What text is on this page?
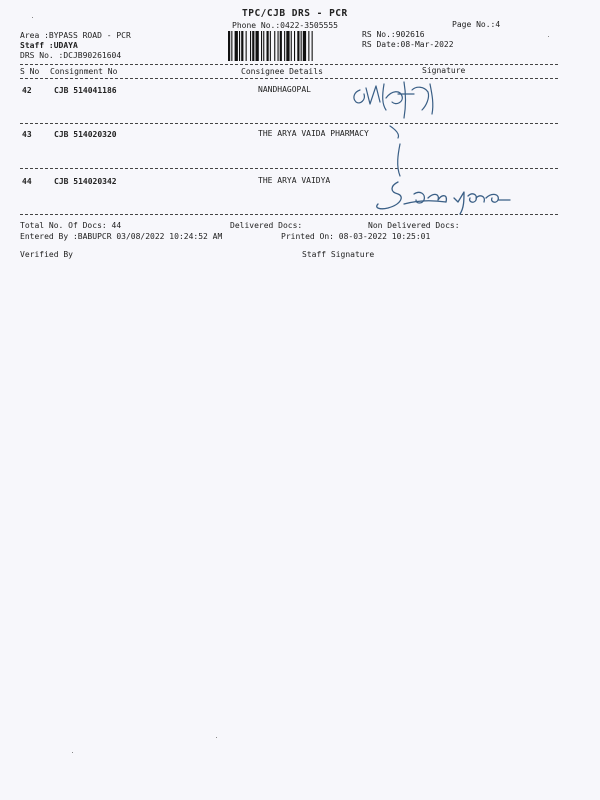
TPC/CJB DRS - PCR
Phone No.:0422-3505555	Page No.:4
Area :BYPASS ROAD - PCR
Staff :UDAYA
DRS No. :DCJB90261604
RS No.:902616
RS Date:08-Mar-2022
S No Consignment No	Consignee Details	Signature
42	CJB 514041186	NANDHAGOPAL
43	CJB 514020320	THE ARYA VAIDA PHARMACY
44	CJB 514020342	THE ARYA VAIDYA
Total No. Of Docs: 44	Delivered Docs:	Non Delivered Docs:
Entered By :BABUPCR 03/08/2022 10:24:52 AM	Printed On: 08-03-2022 10:25:01
Verified By	Staff Signature
